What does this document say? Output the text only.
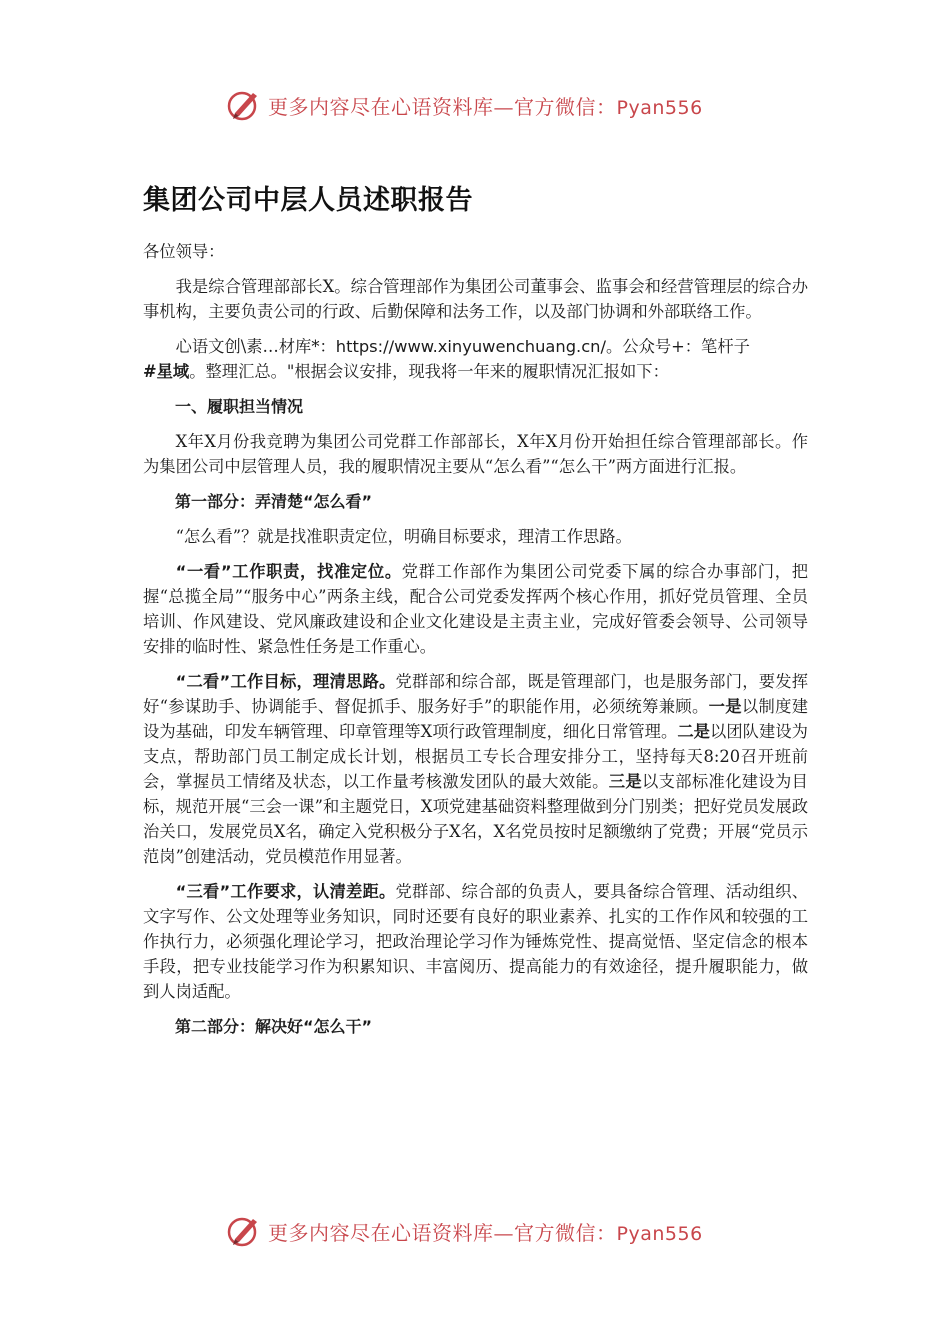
更多内容尽在心语资料库—官方微信：Pyan556
集团公司中层人员述职报告

各位领导：

我是综合管理部部长X。综合管理部作为集团公司董事会、监事会和经营管理层的综合办事机构，主要负责公司的行政、后勤保障和法务工作，以及部门协调和外部联络工作。

心语文创\素…材库*：https://www.xinyuwenchuang.cn/。公众号+：笔杆子
#星域。整理汇总。"根据会议安排，现我将一年来的履职情况汇报如下：

一、履职担当情况

X年X月份我竞聘为集团公司党群工作部部长，X年X月份开始担任综合管理部部长。作为集团公司中层管理人员，我的履职情况主要从“怎么看”“怎么干”两方面进行汇报。

第一部分：弄清楚“怎么看”

“怎么看”？就是找准职责定位，明确目标要求，理清工作思路。

“一看”工作职责，找准定位。党群工作部作为集团公司党委下属的综合办事部门，把握“总揽全局”“服务中心”两条主线，配合公司党委发挥两个核心作用，抓好党员管理、全员培训、作风建设、党风廉政建设和企业文化建设是主责主业，完成好管委会领导、公司领导安排的临时性、紧急性任务是工作重心。

“二看”工作目标，理清思路。党群部和综合部，既是管理部门，也是服务部门，要发挥好“参谋助手、协调能手、督促抓手、服务好手”的职能作用，必须统筹兼顾。一是以制度建设为基础，印发车辆管理、印章管理等X项行政管理制度，细化日常管理。二是以团队建设为支点，帮助部门员工制定成长计划，根据员工专长合理安排分工，坚持每天8:20召开班前会，掌握员工情绪及状态，以工作量考核激发团队的最大效能。三是以支部标准化建设为目标，规范开展“三会一课”和主题党日，X项党建基础资料整理做到分门别类；把好党员发展政治关口，发展党员X名，确定入党积极分子X名，X名党员按时足额缴纳了党费；开展“党员示范岗”创建活动，党员模范作用显著。

“三看”工作要求，认清差距。党群部、综合部的负责人，要具备综合管理、活动组织、文字写作、公文处理等业务知识，同时还要有良好的职业素养、扎实的工作作风和较强的工作执行力，必须强化理论学习，把政治理论学习作为锤炼党性、提高觉悟、坚定信念的根本手段，把专业技能学习作为积累知识、丰富阅历、提高能力的有效途径，提升履职能力，做到人岗适配。

第二部分：解决好“怎么干”

更多内容尽在心语资料库—官方微信：Pyan556
